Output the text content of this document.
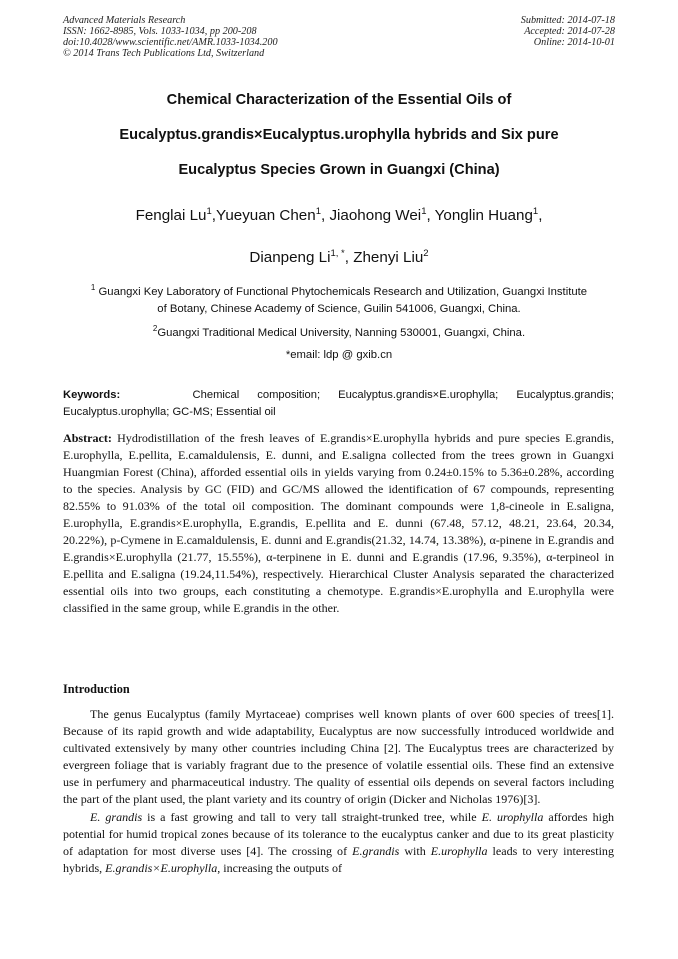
Advanced Materials Research
ISSN: 1662-8985, Vols. 1033-1034, pp 200-208
doi:10.4028/www.scientific.net/AMR.1033-1034.200
© 2014 Trans Tech Publications Ltd, Switzerland
Submitted: 2014-07-18
Accepted: 2014-07-28
Online: 2014-10-01
Chemical Characterization of the Essential Oils of
Eucalyptus.grandis×Eucalyptus.urophylla hybrids and Six pure
Eucalyptus Species Grown in Guangxi (China)
Fenglai Lu$^1$,Yueyuan Chen$^1$, Jiaohong Wei$^1$, Yonglin Huang$^1$,
Dianpeng $Li^{1, *}$, Zhenyi Liu$^2$
$^1$ Guangxi Key Laboratory of Functional Phytochemicals Research and Utilization, Guangxi Institute
of Botany, Chinese Academy of Science, Guilin 541006, Guangxi, China.
$^2$Guangxi Traditional Medical University, Nanning 530001, Guangxi, China.
*email: ldp @ gxib.cn
Keywords:	Chemical composition; Eucalyptus.grandis×E.urophylla; Eucalyptus.grandis; Eucalyptus.urophylla; GC-MS; Essential oil
Abstract: Hydrodistillation of the fresh leaves of E.grandis×E.urophylla hybrids and pure species E.grandis, E.urophylla, E.pellita, E.camaldulensis, E. dunni, and E.saligna collected from the trees grown in Guangxi Huangmian Forest (China), afforded essential oils in yields varying from 0.24±0.15% to 5.36±0.28%, according to the species. Analysis by GC (FID) and GC/MS allowed the identification of 67 compounds, representing 82.55% to 91.03% of the total oil composition. The dominant compounds were 1,8-cineole in E.saligna, E.urophylla, E.grandis×E.urophylla, E.grandis, E.pellita and E. dunni (67.48, 57.12, 48.21, 23.64, 20.34, 20.22%), p-Cymene in E.camaldulensis, E. dunni and E.grandis(21.32, 14.74, 13.38%), α-pinene in E.grandis and E.grandis×E.urophylla (21.77, 15.55%), α-terpinene in E. dunni and E.grandis (17.96, 9.35%), α-terpineol in E.pellita and E.saligna (19.24,11.54%), respectively. Hierarchical Cluster Analysis separated the characterized essential oils into two groups, each constituting a chemotype. E.grandis×E.urophylla and E.urophylla were classified in the same group, while E.grandis in the other.
Introduction

The genus Eucalyptus (family Myrtaceae) comprises well known plants of over 600 species of trees[1]. Because of its rapid growth and wide adaptability, Eucalyptus are now successfully introduced worldwide and cultivated extensively by many other countries including China [2]. The Eucalyptus trees are characterized by evergreen foliage that is variably fragrant due to the presence of volatile essential oils. These find an extensive use in perfumery and pharmaceutical industry. The quality of essential oils depends on several factors including the part of the plant used, the plant variety and its country of origin (Dicker and Nicholas 1976)[3].

E. grandis is a fast growing and tall to very tall straight-trunked tree, while E. urophylla affordes high potential for humid tropical zones because of its tolerance to the eucalyptus canker and due to its great plasticity of adaptation for most diverse uses [4]. The crossing of E.grandis with E.urophylla leads to very interesting hybrids, E.grandis×E.urophylla, increasing the outputs of
